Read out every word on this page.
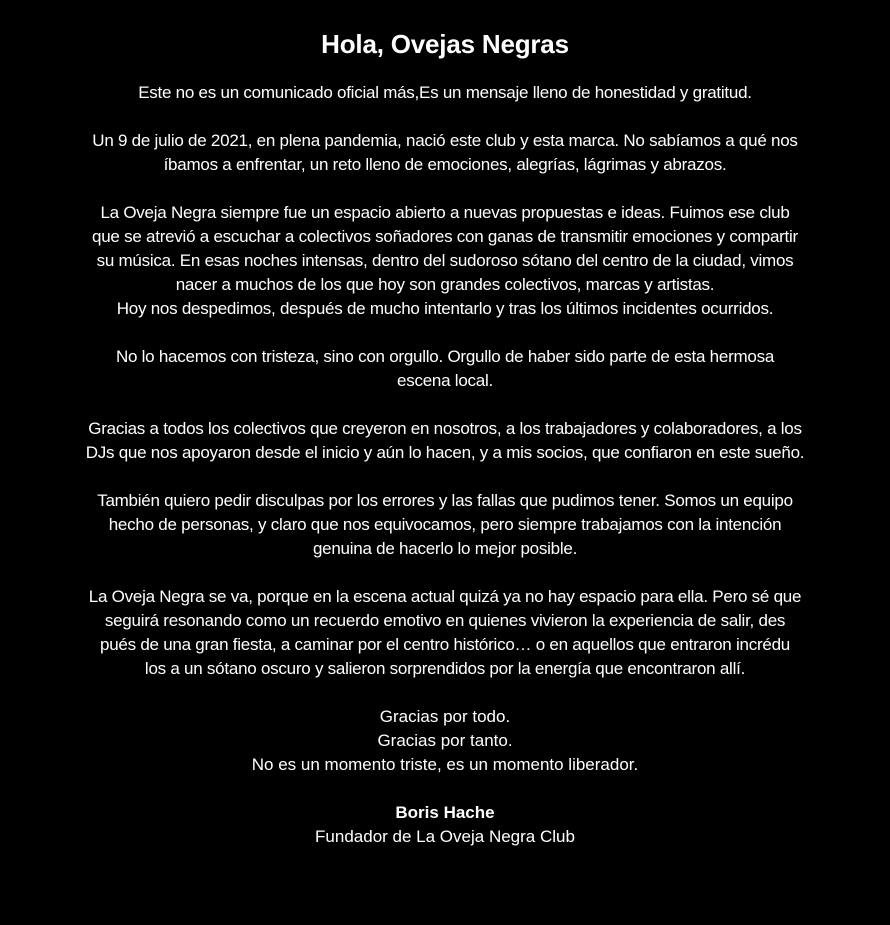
Hola, Ovejas Negras

Este no es un comunicado oficial más,Es un mensaje lleno de honestidad y gratitud.

Un 9 de julio de 2021, en plena pandemia, nació este club y esta marca. No sabíamos a qué nos
íbamos a enfrentar, un reto lleno de emociones, alegrías, lágrimas y abrazos.

La Oveja Negra siempre fue un espacio abierto a nuevas propuestas e ideas. Fuimos ese club
que se atrevió a escuchar a colectivos soñadores con ganas de transmitir emociones y compartir
su música. En esas noches intensas, dentro del sudoroso sótano del centro de la ciudad, vimos
nacer a muchos de los que hoy son grandes colectivos, marcas y artistas.
Hoy nos despedimos, después de mucho intentarlo y tras los últimos incidentes ocurridos.

No lo hacemos con tristeza, sino con orgullo. Orgullo de haber sido parte de esta hermosa
escena local.

Gracias a todos los colectivos que creyeron en nosotros, a los trabajadores y colaboradores, a los
DJs que nos apoyaron desde el inicio y aún lo hacen, y a mis socios, que confiaron en este sueño.

También quiero pedir disculpas por los errores y las fallas que pudimos tener. Somos un equipo
hecho de personas, y claro que nos equivocamos, pero siempre trabajamos con la intención
genuina de hacerlo lo mejor posible.

La Oveja Negra se va, porque en la escena actual quizá ya no hay espacio para ella. Pero sé que
seguirá resonando como un recuerdo emotivo en quienes vivieron la experiencia de salir, des
pués de una gran fiesta, a caminar por el centro histórico… o en aquellos que entraron incrédu
los a un sótano oscuro y salieron sorprendidos por la energía que encontraron allí.

Gracias por todo.
Gracias por tanto.
No es un momento triste, es un momento liberador.

Boris Hache
Fundador de La Oveja Negra Club
